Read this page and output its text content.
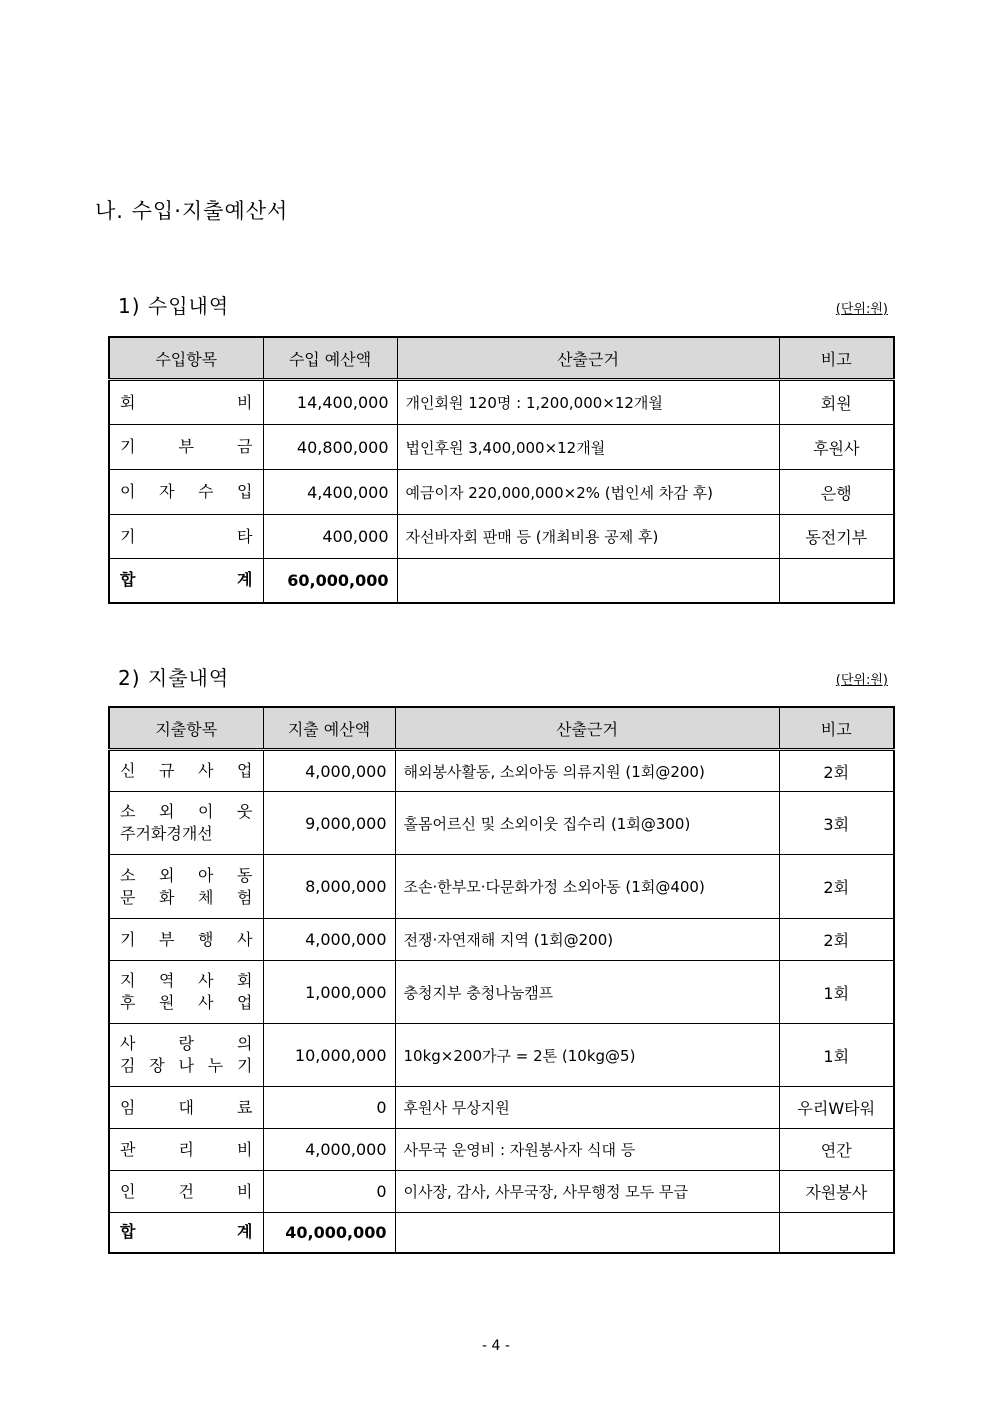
나. 수입·지출예산서
1) 수입내역	(단위:원)
수입항목	수입 예산액	산출근거	비고

회 비	14,400,000	개인회원 120명 : 1,200,000×12개월	회원

기 부 금	40,800,000	법인후원 3,400,000×12개월	후원사

이 자 수 입	4,400,000	예금이자 220,000,000×2% (법인세 차감 후)	은행

기 타	400,000	자선바자회 판매 등 (개최비용 공제 후)	동전기부

합 계	60,000,000		
2) 지출내역	(단위:원)
지출항목	지출 예산액	산출근거	비고

신 규 사 업	4,000,000	해외봉사활동, 소외아동 의류지원 (1회@200)	2회

소 외 이 웃
주거화경개선	9,000,000	홀몸어르신 및 소외이웃 집수리 (1회@300)	3회

소 외 아 동
문 화 체 험	8,000,000	조손·한부모·다문화가정 소외아동 (1회@400)	2회

기 부 행 사	4,000,000	전쟁·자연재해 지역 (1회@200)	2회

지 역 사 회
후 원 사 업	1,000,000	충청지부 충청나눔캠프	1회

사 랑 의
김 장 나 누 기	10,000,000	10kg×200가구 = 2톤 (10kg@5)	1회

임 대 료	0	후원사 무상지원	우리W타워

관 리 비	4,000,000	사무국 운영비 : 자원봉사자 식대 등	연간

인 건 비	0	이사장, 감사, 사무국장, 사무행정 모두 무급	자원봉사

합 계	40,000,000		
- 4 -
